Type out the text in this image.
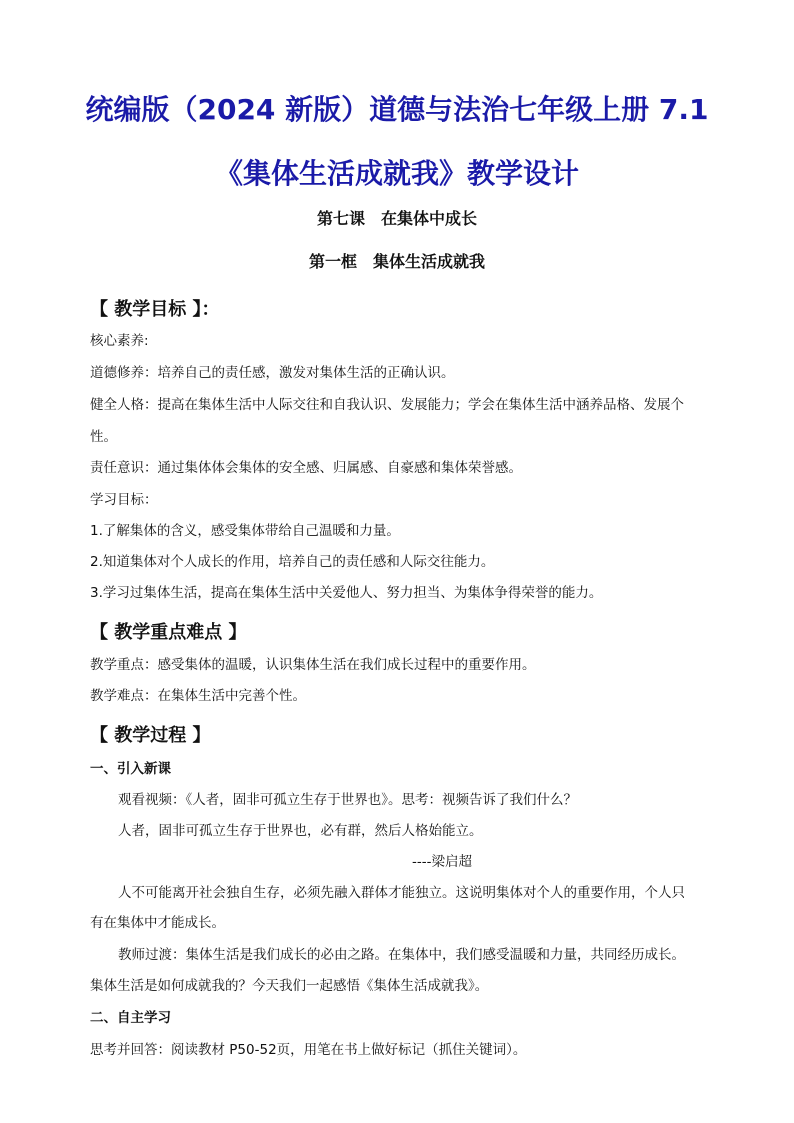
统编版（2024 新版）道德与法治七年级上册 7.1
《集体生活成就我》教学设计
第七课　在集体中成长
第一框　集体生活成就我
【 教学目标 】：
核心素养:
道德修养：培养自己的责任感，激发对集体生活的正确认识。
健全人格：提高在集体生活中人际交往和自我认识、发展能力；学会在集体生活中涵养品格、发展个
性。
责任意识：通过集体体会集体的安全感、归属感、自豪感和集体荣誉感。
学习目标：
1.了解集体的含义，感受集体带给自己温暖和力量。
2.知道集体对个人成长的作用，培养自己的责任感和人际交往能力。
3.学习过集体生活，提高在集体生活中关爱他人、努力担当、为集体争得荣誉的能力。
【 教学重点难点 】
教学重点：感受集体的温暖，认识集体生活在我们成长过程中的重要作用。
教学难点：在集体生活中完善个性。
【 教学过程 】
一、引入新课
观看视频：《人者，固非可孤立生存于世界也》。思考：视频告诉了我们什么？
人者，固非可孤立生存于世界也，必有群，然后人格始能立。
----梁启超
人不可能离开社会独自生存，必须先融入群体才能独立。这说明集体对个人的重要作用，个人只
有在集体中才能成长。
教师过渡：集体生活是我们成长的必由之路。在集体中，我们感受温暖和力量，共同经历成长。
集体生活是如何成就我的？今天我们一起感悟《集体生活成就我》。
二、自主学习
思考并回答：阅读教材 P50-52页，用笔在书上做好标记（抓住关键词）。
